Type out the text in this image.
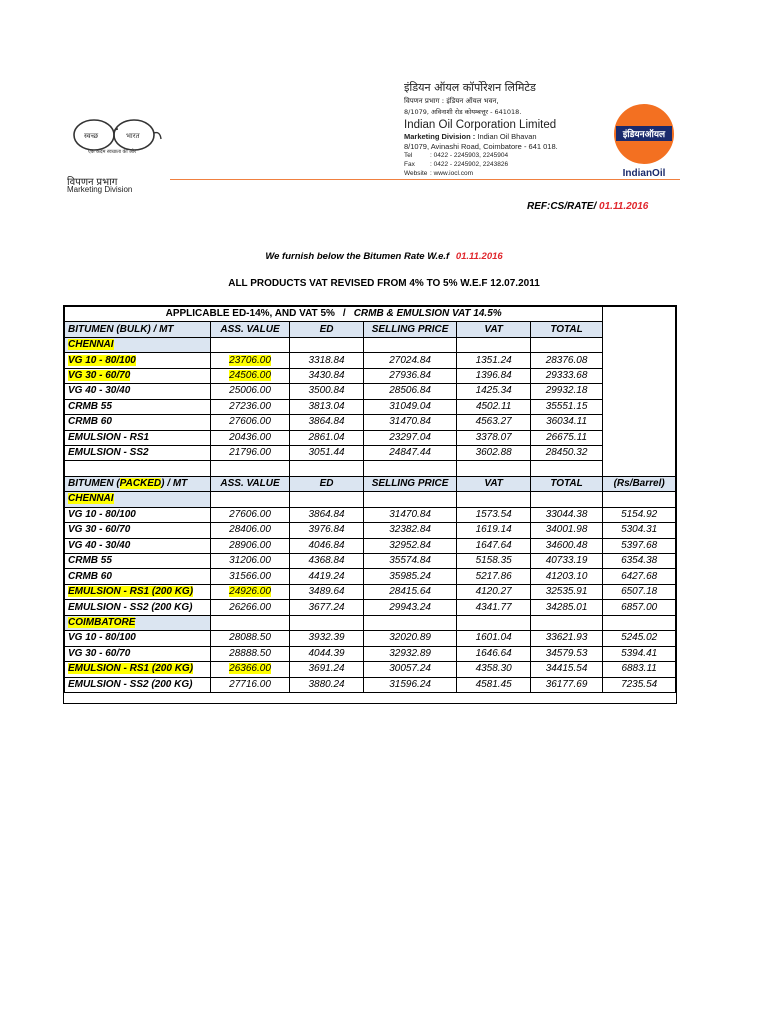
स्वच्छ	भारत
एक कदम स्वच्छता की ओर
विपणन प्रभाग
Marketing Division
इंडियन ऑयल कॉर्पोरेशन लिमिटेड
विपणन प्रभाग : इंडियन ऑयल भवन,
8/1079, अविनाशी रोड कोयम्बत्तूर - 641018.
Indian Oil Corporation Limited
Marketing Division : Indian Oil Bhavan
8/1079, Avinashi Road, Coimbatore - 641 018.
Tel	: 0422 - 2245903, 2245904
Fax : 0422 - 2245902, 2243826
Website : www.iocl.com
इंडियनऑयल
IndianOil
REF:CS/RATE/ 01.11.2016
We furnish below the Bitumen Rate W.e.f 01.11.2016
ALL PRODUCTS VAT REVISED FROM 4% TO 5% W.E.F 12.07.2011
APPLICABLE ED-14%, AND VAT 5% / CRMB & EMULSION VAT 14.5%						
BITUMEN (BULK) / MT	ASS. VALUE	ED	SELLING PRICE	VAT	TOTAL	
CHENNAI						
VG 10 - 80/100	23706.00	3318.84	27024.84	1351.24	28376.08	
VG 30 - 60/70	24506.00	3430.84	27936.84	1396.84	29333.68	
VG 40 - 30/40	25006.00	3500.84	28506.84	1425.34	29932.18	
CRMB 55	27236.00	3813.04	31049.04	4502.11	35551.15	
CRMB 60	27606.00	3864.84	31470.84	4563.27	36034.11	
EMULSION - RS1	20436.00	2861.04	23297.04	3378.07	26675.11	
EMULSION - SS2	21796.00	3051.44	24847.44	3602.88	28450.32	

BITUMEN (PACKED) / MT	ASS. VALUE	ED	SELLING PRICE	VAT	TOTAL	(Rs/Barrel)
CHENNAI						
VG 10 - 80/100	27606.00	3864.84	31470.84	1573.54	33044.38	5154.92
VG 30 - 60/70	28406.00	3976.84	32382.84	1619.14	34001.98	5304.31
VG 40 - 30/40	28906.00	4046.84	32952.84	1647.64	34600.48	5397.68
CRMB 55	31206.00	4368.84	35574.84	5158.35	40733.19	6354.38
CRMB 60	31566.00	4419.24	35985.24	5217.86	41203.10	6427.68
EMULSION - RS1 (200 KG)	24926.00	3489.64	28415.64	4120.27	32535.91	6507.18
EMULSION - SS2 (200 KG)	26266.00	3677.24	29943.24	4341.77	34285.01	6857.00
COIMBATORE						
VG 10 - 80/100	28088.50	3932.39	32020.89	1601.04	33621.93	5245.02
VG 30 - 60/70	28888.50	4044.39	32932.89	1646.64	34579.53	5394.41
EMULSION - RS1 (200 KG)	26366.00	3691.24	30057.24	4358.30	34415.54	6883.11
EMULSION - SS2 (200 KG)	27716.00	3880.24	31596.24	4581.45	36177.69	7235.54
